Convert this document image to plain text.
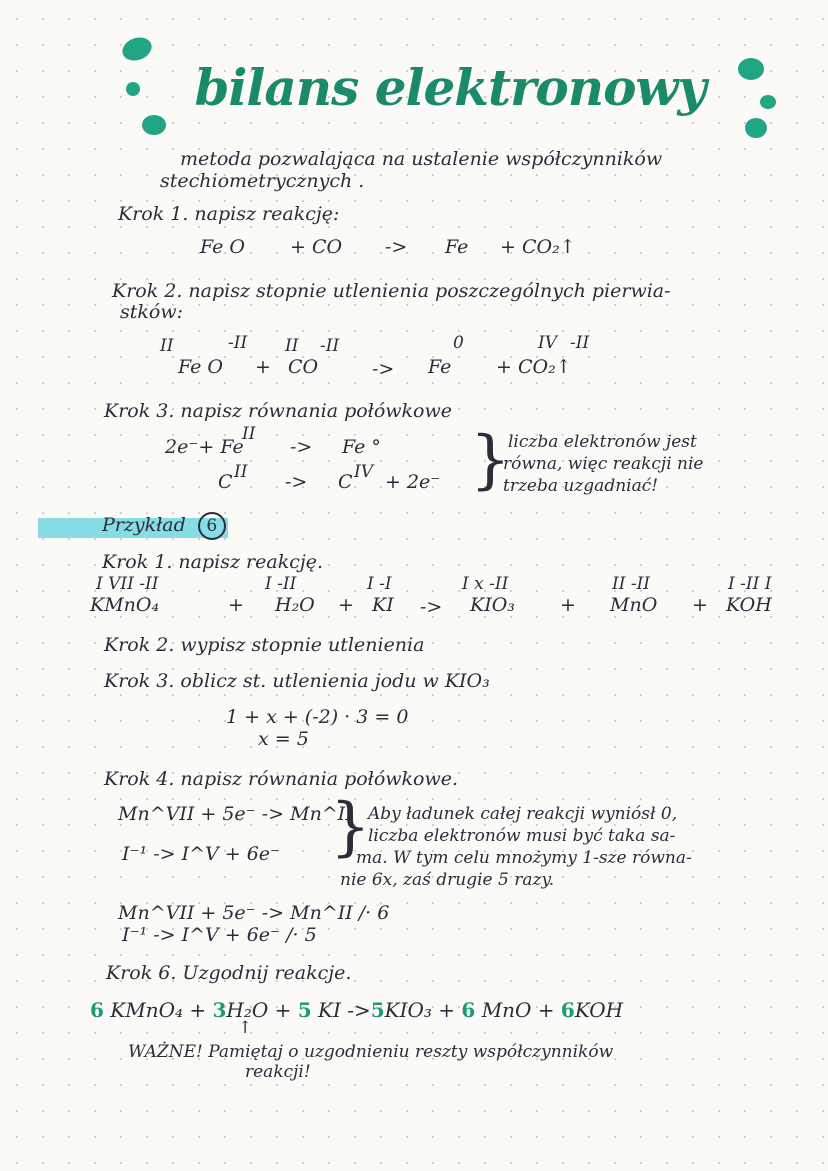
bilans elektronowy
metoda pozwalająca na ustalenie współczynników
stechiometrycznych .
Krok 1. napisz reakcję:
Fe O + CO -> Fe + CO₂↑
Krok 2. napisz stopnie utlenienia poszczególnych pierwia-
stków:
II	-II II -II	0	IV -II
Fe O + CO	-> Fe + CO₂↑
Krok 3. napisz równania połówkowe
2e⁻+ Fe
II
-> Fe °
C II -> C IV + 2e⁻ }
liczba elektronów jest
równa, więc reakcji nie
trzeba uzgadniać!
Przykład 6
Krok 1. napisz reakcję.
I VII -II	I -II	I -I	I x -II	II -II	I -II I
KMnO₄	+ H₂O + KI -> KIO₃ + MnO + KOH
Krok 2. wypisz stopnie utlenienia
Krok 3. oblicz st. utlenienia jodu w KIO₃
1 + x + (-2) · 3 = 0
x = 5
Krok 4. napisz równania połówkowe.
Mn^VII + 5e⁻ -> Mn^II
I⁻¹ -> I^V + 6e⁻ }
Aby ładunek całej reakcji wyniósł 0,
liczba elektronów musi być taka sa-
ma. W tym celu mnożymy 1-sze równa-
nie 6x, zaś drugie 5 razy.
Mn^VII + 5e⁻ -> Mn^II /· 6
I⁻¹ -> I^V + 6e⁻ /· 5
Krok 6. Uzgodnij reakcje.
6 KMnO₄ + 3H₂O + 5 KI ->5KIO₃ + 6 MnO + 6KOH
↑
WAŻNE! Pamiętaj o uzgodnieniu reszty współczynników
reakcji!
